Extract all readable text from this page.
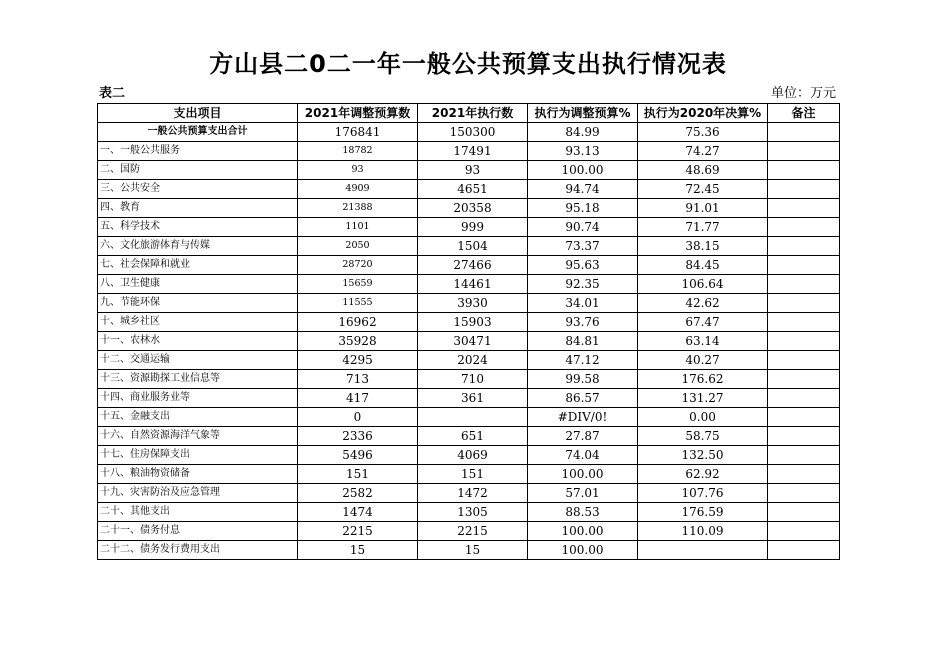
方山县二0二一年一般公共预算支出执行情况表
表二	单位：万元
支出项目	2021年调整预算数	2021年执行数	执行为调整预算%	执行为2020年决算%	备注
一般公共预算支出合计	176841	150300	84.99	75.36	
一、一般公共服务	18782	17491	93.13	74.27	
二、国防	93	93	100.00	48.69	
三、公共安全	4909	4651	94.74	72.45	
四、教育	21388	20358	95.18	91.01	
五、科学技术	1101	999	90.74	71.77	
六、文化旅游体育与传媒	2050	1504	73.37	38.15	
七、社会保障和就业	28720	27466	95.63	84.45	
八、卫生健康	15659	14461	92.35	106.64	
九、节能环保	11555	3930	34.01	42.62	
十、城乡社区	16962	15903	93.76	67.47	
十一、农林水	35928	30471	84.81	63.14	
十二、交通运输	4295	2024	47.12	40.27	
十三、资源勘探工业信息等	713	710	99.58	176.62	
十四、商业服务业等	417	361	86.57	131.27	
十五、金融支出	0		#DIV/0!	0.00	
十六、自然资源海洋气象等	2336	651	27.87	58.75	
十七、住房保障支出	5496	4069	74.04	132.50	
十八、粮油物资储备	151	151	100.00	62.92	
十九、灾害防治及应急管理	2582	1472	57.01	107.76	
二十、其他支出	1474	1305	88.53	176.59	
二十一、债务付息	2215	2215	100.00	110.09	
二十二、债务发行费用支出	15	15	100.00		
